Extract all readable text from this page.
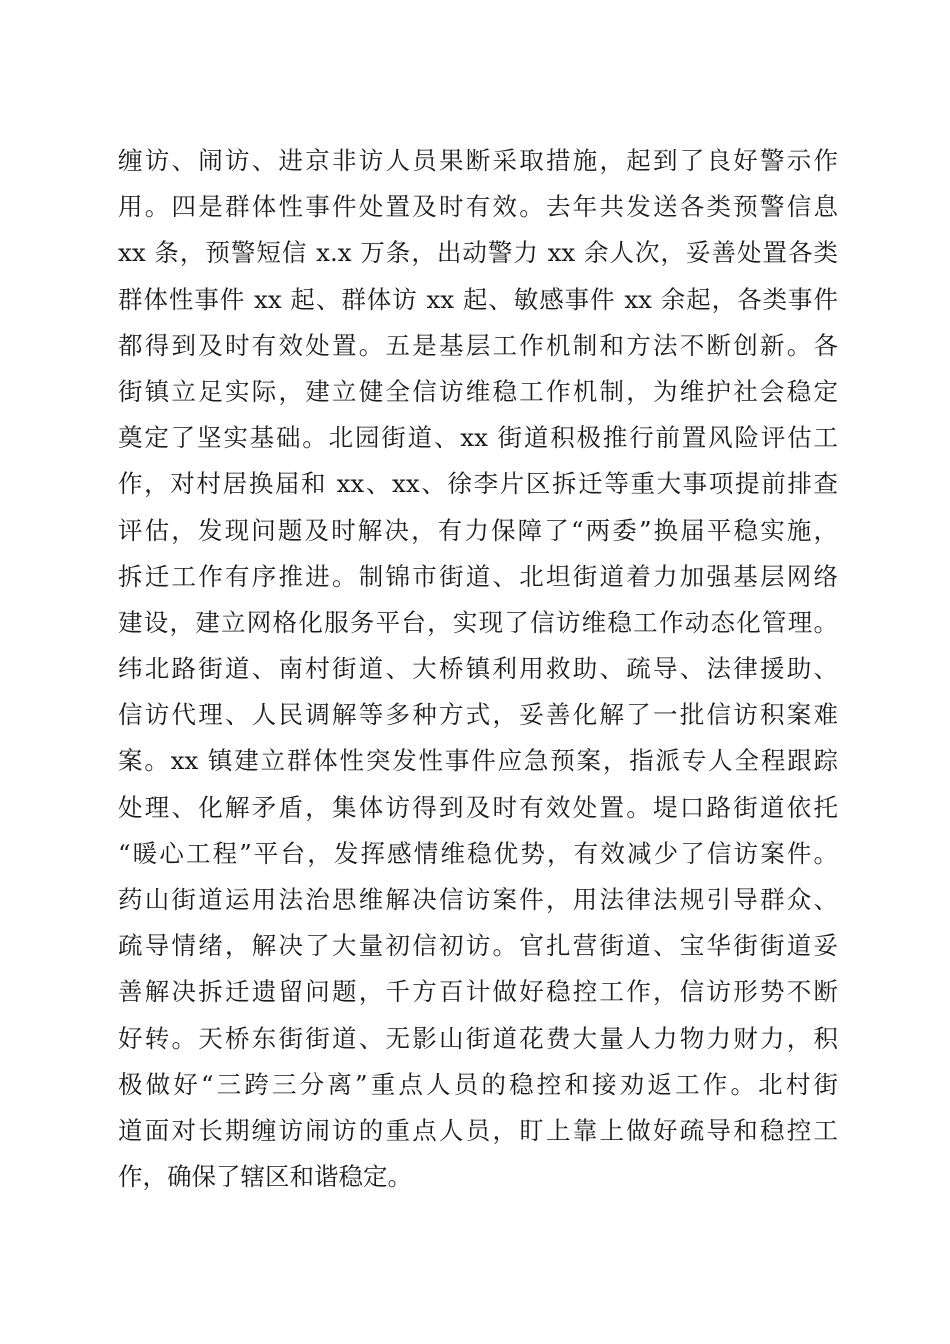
缠访、闹访、进京非访人员果断采取措施，起到了良好警示作
用。四是群体性事件处置及时有效。去年共发送各类预警信息
xx 条，预警短信 x.x 万条，出动警力 xx 余人次，妥善处置各类
群体性事件 xx 起、群体访 xx 起、敏感事件 xx 余起，各类事件
都得到及时有效处置。五是基层工作机制和方法不断创新。各
街镇立足实际，建立健全信访维稳工作机制，为维护社会稳定
奠定了坚实基础。北园街道、xx 街道积极推行前置风险评估工
作，对村居换届和 xx、xx、徐李片区拆迁等重大事项提前排查
评估，发现问题及时解决，有力保障了“两委”换届平稳实施，
拆迁工作有序推进。制锦市街道、北坦街道着力加强基层网络
建设，建立网格化服务平台，实现了信访维稳工作动态化管理。
纬北路街道、南村街道、大桥镇利用救助、疏导、法律援助、
信访代理、人民调解等多种方式，妥善化解了一批信访积案难
案。xx 镇建立群体性突发性事件应急预案，指派专人全程跟踪
处理、化解矛盾，集体访得到及时有效处置。堤口路街道依托
“暖心工程”平台，发挥感情维稳优势，有效减少了信访案件。
药山街道运用法治思维解决信访案件，用法律法规引导群众、
疏导情绪，解决了大量初信初访。官扎营街道、宝华街街道妥
善解决拆迁遗留问题，千方百计做好稳控工作，信访形势不断
好转。天桥东街街道、无影山街道花费大量人力物力财力，积
极做好“三跨三分离”重点人员的稳控和接劝返工作。北村街
道面对长期缠访闹访的重点人员，盯上靠上做好疏导和稳控工
作，确保了辖区和谐稳定。
